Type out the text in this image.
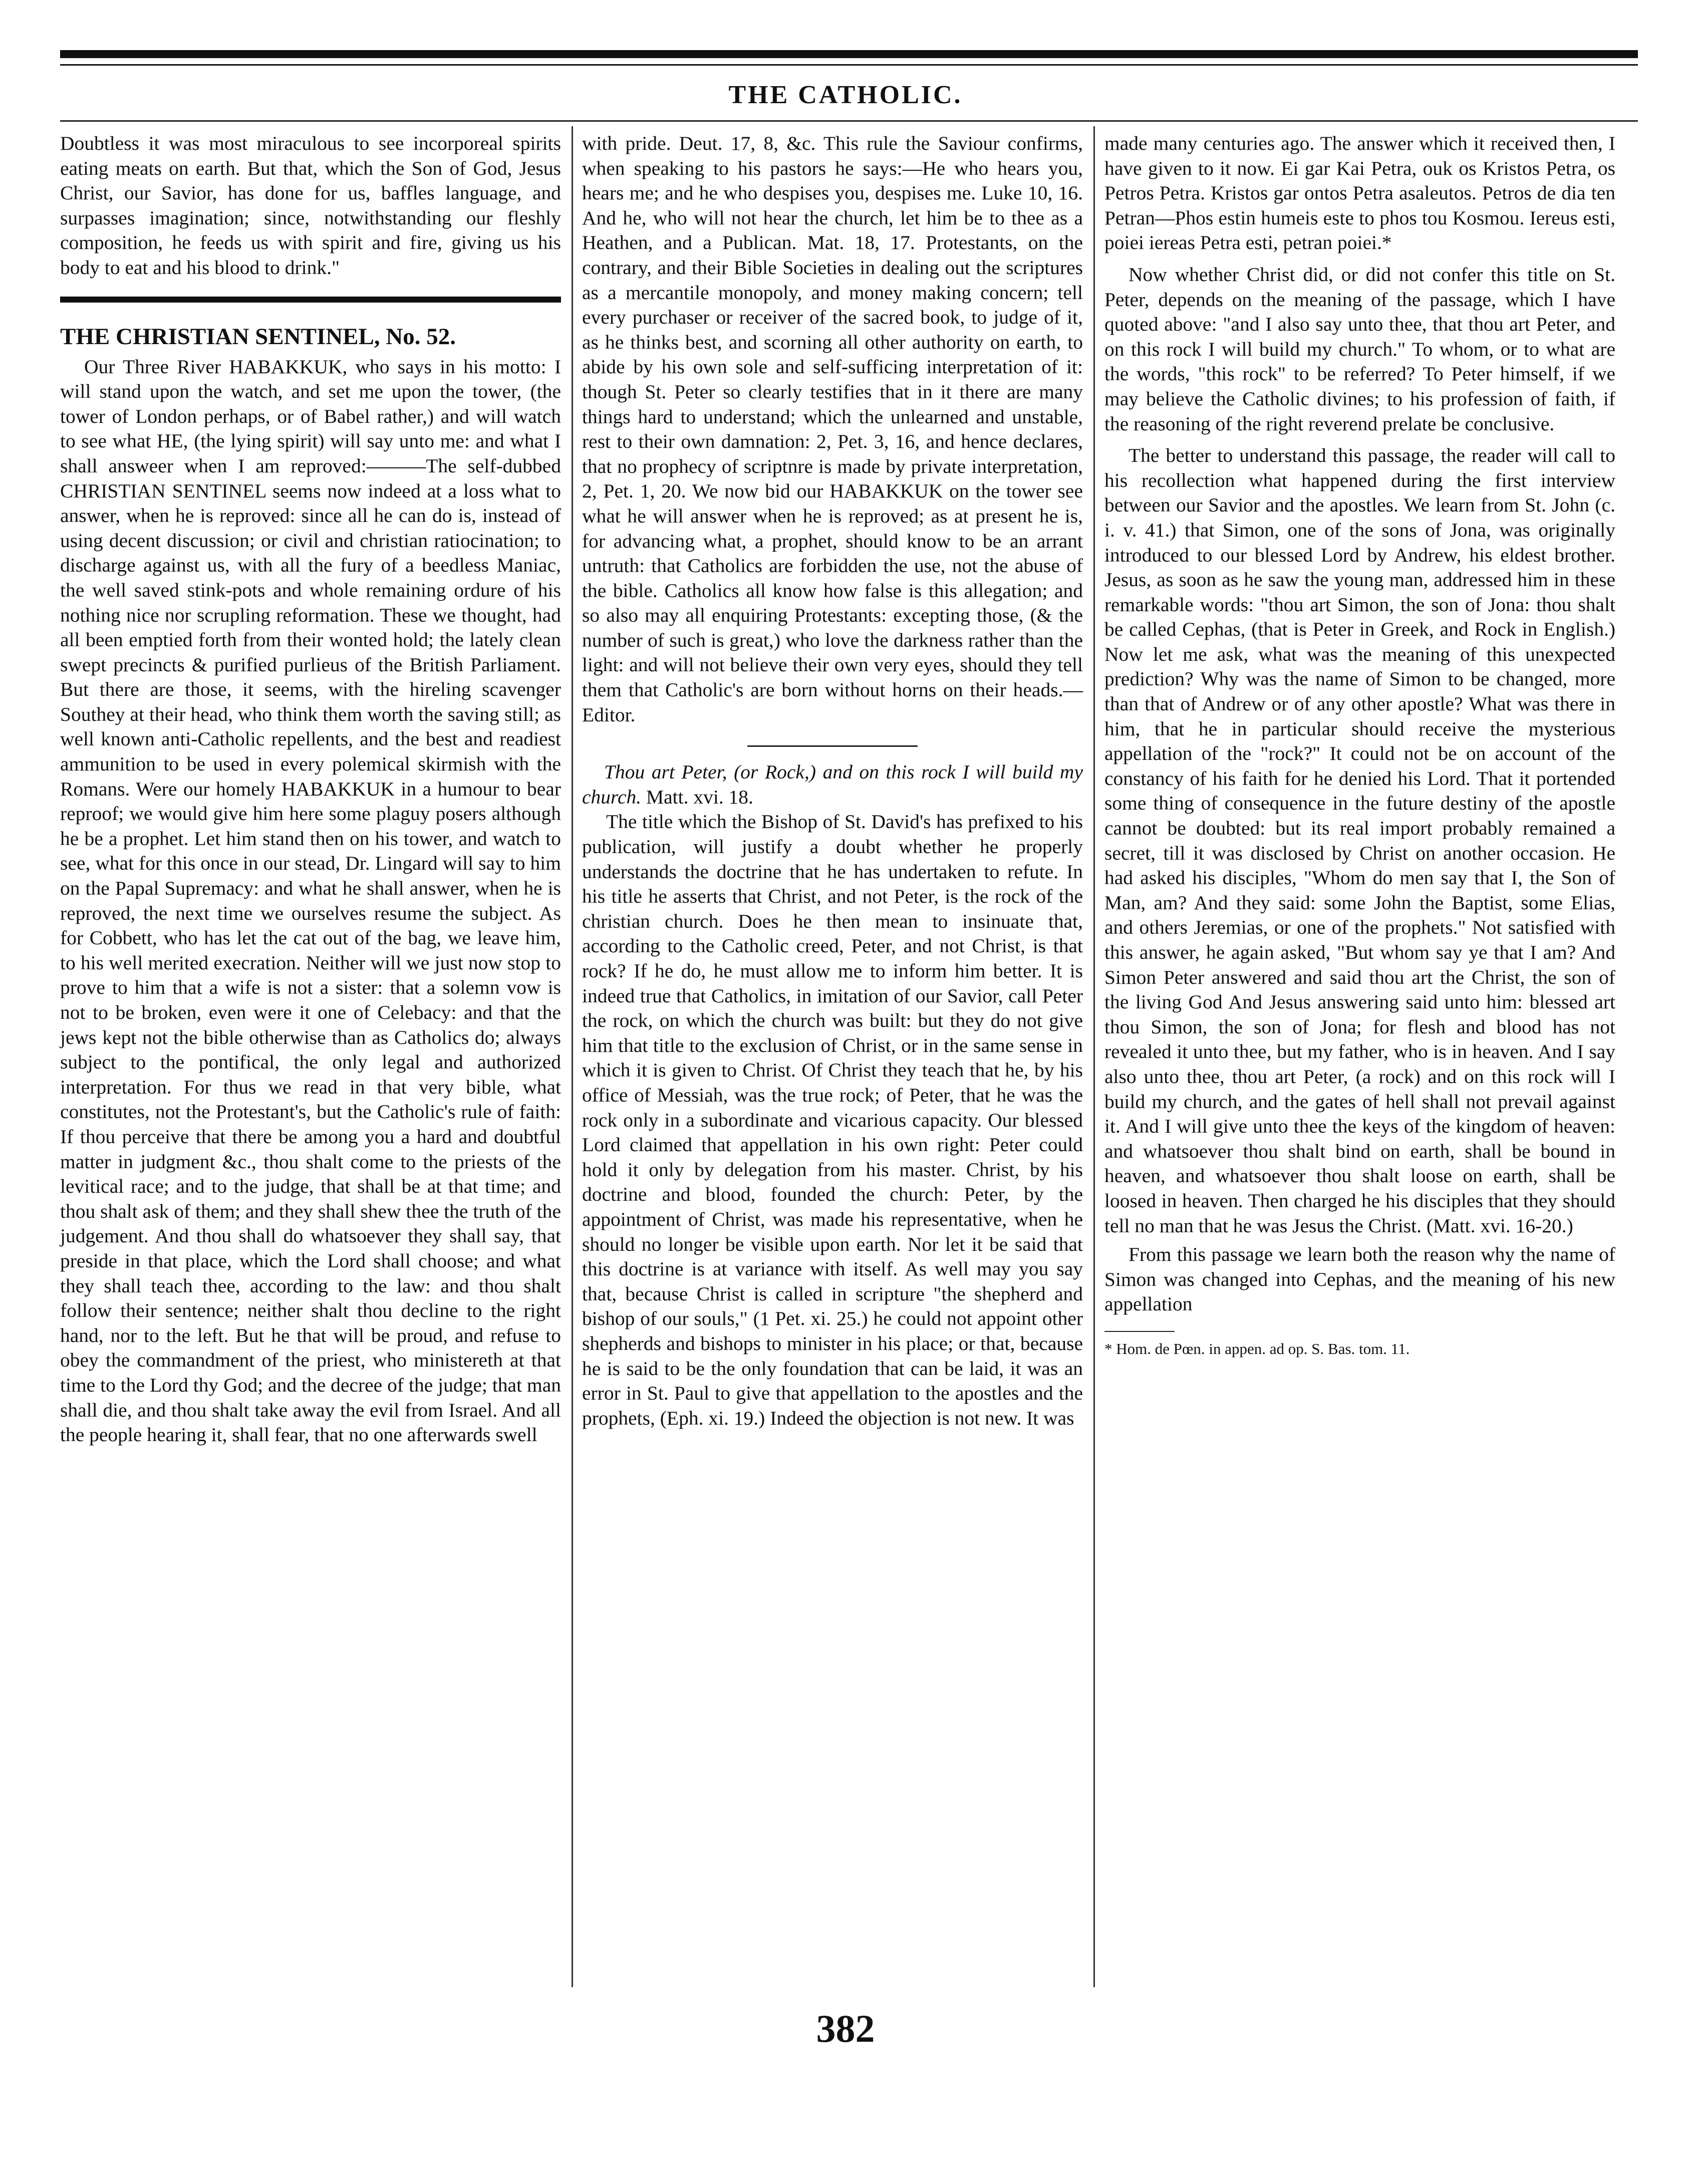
THE CATHOLIC.

Doubtless it was most miraculous to see incorporeal spirits eating meats on earth. But that, which the Son of God, Jesus Christ, our Savior, has done for us, baffles language, and surpasses imagination; since, notwithstanding our fleshly composition, he feeds us with spirit and fire, giving us his body to eat and his blood to drink."

THE CHRISTIAN SENTINEL, No. 52.

Our Three River HABAKKUK, who says in his motto: I will stand upon the watch, and set me upon the tower, (the tower of London perhaps, or of Babel rather,) and will watch to see what HE, (the lying spirit) will say unto me: and what I shall answeer when I am reproved:———The self-dubbed CHRISTIAN SENTINEL seems now indeed at a loss what to answer, when he is reproved: since all he can do is, instead of using decent discussion; or civil and christian ratiocination; to discharge against us, with all the fury of a beedless Maniac, the well saved stink-pots and whole remaining ordure of his nothing nice nor scrupling reformation. These we thought, had all been emptied forth from their wonted hold; the lately clean swept precincts & purified purlieus of the British Parliament. But there are those, it seems, with the hireling scavenger Southey at their head, who think them worth the saving still; as well known anti-Catholic repellents, and the best and readiest ammunition to be used in every polemical skirmish with the Romans. Were our homely HABAKKUK in a humour to bear reproof; we would give him here some plaguy posers although he be a prophet. Let him stand then on his tower, and watch to see, what for this once in our stead, Dr. Lingard will say to him on the Papal Supremacy: and what he shall answer, when he is reproved, the next time we ourselves resume the subject. As for Cobbett, who has let the cat out of the bag, we leave him, to his well merited execration. Neither will we just now stop to prove to him that a wife is not a sister: that a solemn vow is not to be broken, even were it one of Celebacy: and that the jews kept not the bible otherwise than as Catholics do; always subject to the pontifical, the only legal and authorized interpretation. For thus we read in that very bible, what constitutes, not the Protestant's, but the Catholic's rule of faith: If thou perceive that there be among you a hard and doubtful matter in judgment &c., thou shalt come to the priests of the levitical race; and to the judge, that shall be at that time; and thou shalt ask of them; and they shall shew thee the truth of the judgement. And thou shall do whatsoever they shall say, that preside in that place, which the Lord shall choose; and what they shall teach thee, according to the law: and thou shalt follow their sentence; neither shalt thou decline to the right hand, nor to the left. But he that will be proud, and refuse to obey the commandment of the priest, who ministereth at that time to the Lord thy God; and the decree of the judge; that man shall die, and thou shalt take away the evil from Israel. And all the people hearing it, shall fear, that no one afterwards swell

with pride. Deut. 17, 8, &c. This rule the Saviour confirms, when speaking to his pastors he says:—He who hears you, hears me; and he who despises you, despises me. Luke 10, 16. And he, who will not hear the church, let him be to thee as a Heathen, and a Publican. Mat. 18, 17. Protestants, on the contrary, and their Bible Societies in dealing out the scriptures as a mercantile monopoly, and money making concern; tell every purchaser or receiver of the sacred book, to judge of it, as he thinks best, and scorning all other authority on earth, to abide by his own sole and self-sufficing interpretation of it: though St. Peter so clearly testifies that in it there are many things hard to understand; which the unlearned and unstable, rest to their own damnation: 2, Pet. 3, 16, and hence declares, that no prophecy of scriptnre is made by private interpretation, 2, Pet. 1, 20. We now bid our HABAKKUK on the tower see what he will answer when he is reproved; as at present he is, for advancing what, a prophet, should know to be an arrant untruth: that Catholics are forbidden the use, not the abuse of the bible. Catholics all know how false is this allegation; and so also may all enquiring Protestants: excepting those, (& the number of such is great,) who love the darkness rather than the light: and will not believe their own very eyes, should they tell them that Catholic's are born without horns on their heads.—Editor.

Thou art Peter, (or Rock,) and on this rock I will build my church. Matt. xvi. 18.

The title which the Bishop of St. David's has prefixed to his publication, will justify a doubt whether he properly understands the doctrine that he has undertaken to refute. In his title he asserts that Christ, and not Peter, is the rock of the christian church. Does he then mean to insinuate that, according to the Catholic creed, Peter, and not Christ, is that rock? If he do, he must allow me to inform him better. It is indeed true that Catholics, in imitation of our Savior, call Peter the rock, on which the church was built: but they do not give him that title to the exclusion of Christ, or in the same sense in which it is given to Christ. Of Christ they teach that he, by his office of Messiah, was the true rock; of Peter, that he was the rock only in a subordinate and vicarious capacity. Our blessed Lord claimed that appellation in his own right: Peter could hold it only by delegation from his master. Christ, by his doctrine and blood, founded the church: Peter, by the appointment of Christ, was made his representative, when he should no longer be visible upon earth. Nor let it be said that this doctrine is at variance with itself. As well may you say that, because Christ is called in scripture "the shepherd and bishop of our souls," (1 Pet. xi. 25.) he could not appoint other shepherds and bishops to minister in his place; or that, because he is said to be the only foundation that can be laid, it was an error in St. Paul to give that appellation to the apostles and the prophets, (Eph. xi. 19.) Indeed the objection is not new. It was

made many centuries ago. The answer which it received then, I have given to it now. Ei gar Kai Petra, ouk os Kristos Petra, os Petros Petra. Kristos gar ontos Petra asaleutos. Petros de dia ten Petran—Phos estin humeis este to phos tou Kosmou. Iereus esti, poiei iereas Petra esti, petran poiei.*

Now whether Christ did, or did not confer this title on St. Peter, depends on the meaning of the passage, which I have quoted above: "and I also say unto thee, that thou art Peter, and on this rock I will build my church." To whom, or to what are the words, "this rock" to be referred? To Peter himself, if we may believe the Catholic divines; to his profession of faith, if the reasoning of the right reverend prelate be conclusive.

The better to understand this passage, the reader will call to his recollection what happened during the first interview between our Savior and the apostles. We learn from St. John (c. i. v. 41.) that Simon, one of the sons of Jona, was originally introduced to our blessed Lord by Andrew, his eldest brother. Jesus, as soon as he saw the young man, addressed him in these remarkable words: "thou art Simon, the son of Jona: thou shalt be called Cephas, (that is Peter in Greek, and Rock in English.) Now let me ask, what was the meaning of this unexpected prediction? Why was the name of Simon to be changed, more than that of Andrew or of any other apostle? What was there in him, that he in particular should receive the mysterious appellation of the "rock?" It could not be on account of the constancy of his faith for he denied his Lord. That it portended some thing of consequence in the future destiny of the apostle cannot be doubted: but its real import probably remained a secret, till it was disclosed by Christ on another occasion. He had asked his disciples, "Whom do men say that I, the Son of Man, am? And they said: some John the Baptist, some Elias, and others Jeremias, or one of the prophets." Not satisfied with this answer, he again asked, "But whom say ye that I am? And Simon Peter answered and said thou art the Christ, the son of the living God And Jesus answering said unto him: blessed art thou Simon, the son of Jona; for flesh and blood has not revealed it unto thee, but my father, who is in heaven. And I say also unto thee, thou art Peter, (a rock) and on this rock will I build my church, and the gates of hell shall not prevail against it. And I will give unto thee the keys of the kingdom of heaven: and whatsoever thou shalt bind on earth, shall be bound in heaven, and whatsoever thou shalt loose on earth, shall be loosed in heaven. Then charged he his disciples that they should tell no man that he was Jesus the Christ. (Matt. xvi. 16-20.)

From this passage we learn both the reason why the name of Simon was changed into Cephas, and the meaning of his new appellation

* Hom. de Pœn. in appen. ad op. S. Bas. tom. 11.
382
